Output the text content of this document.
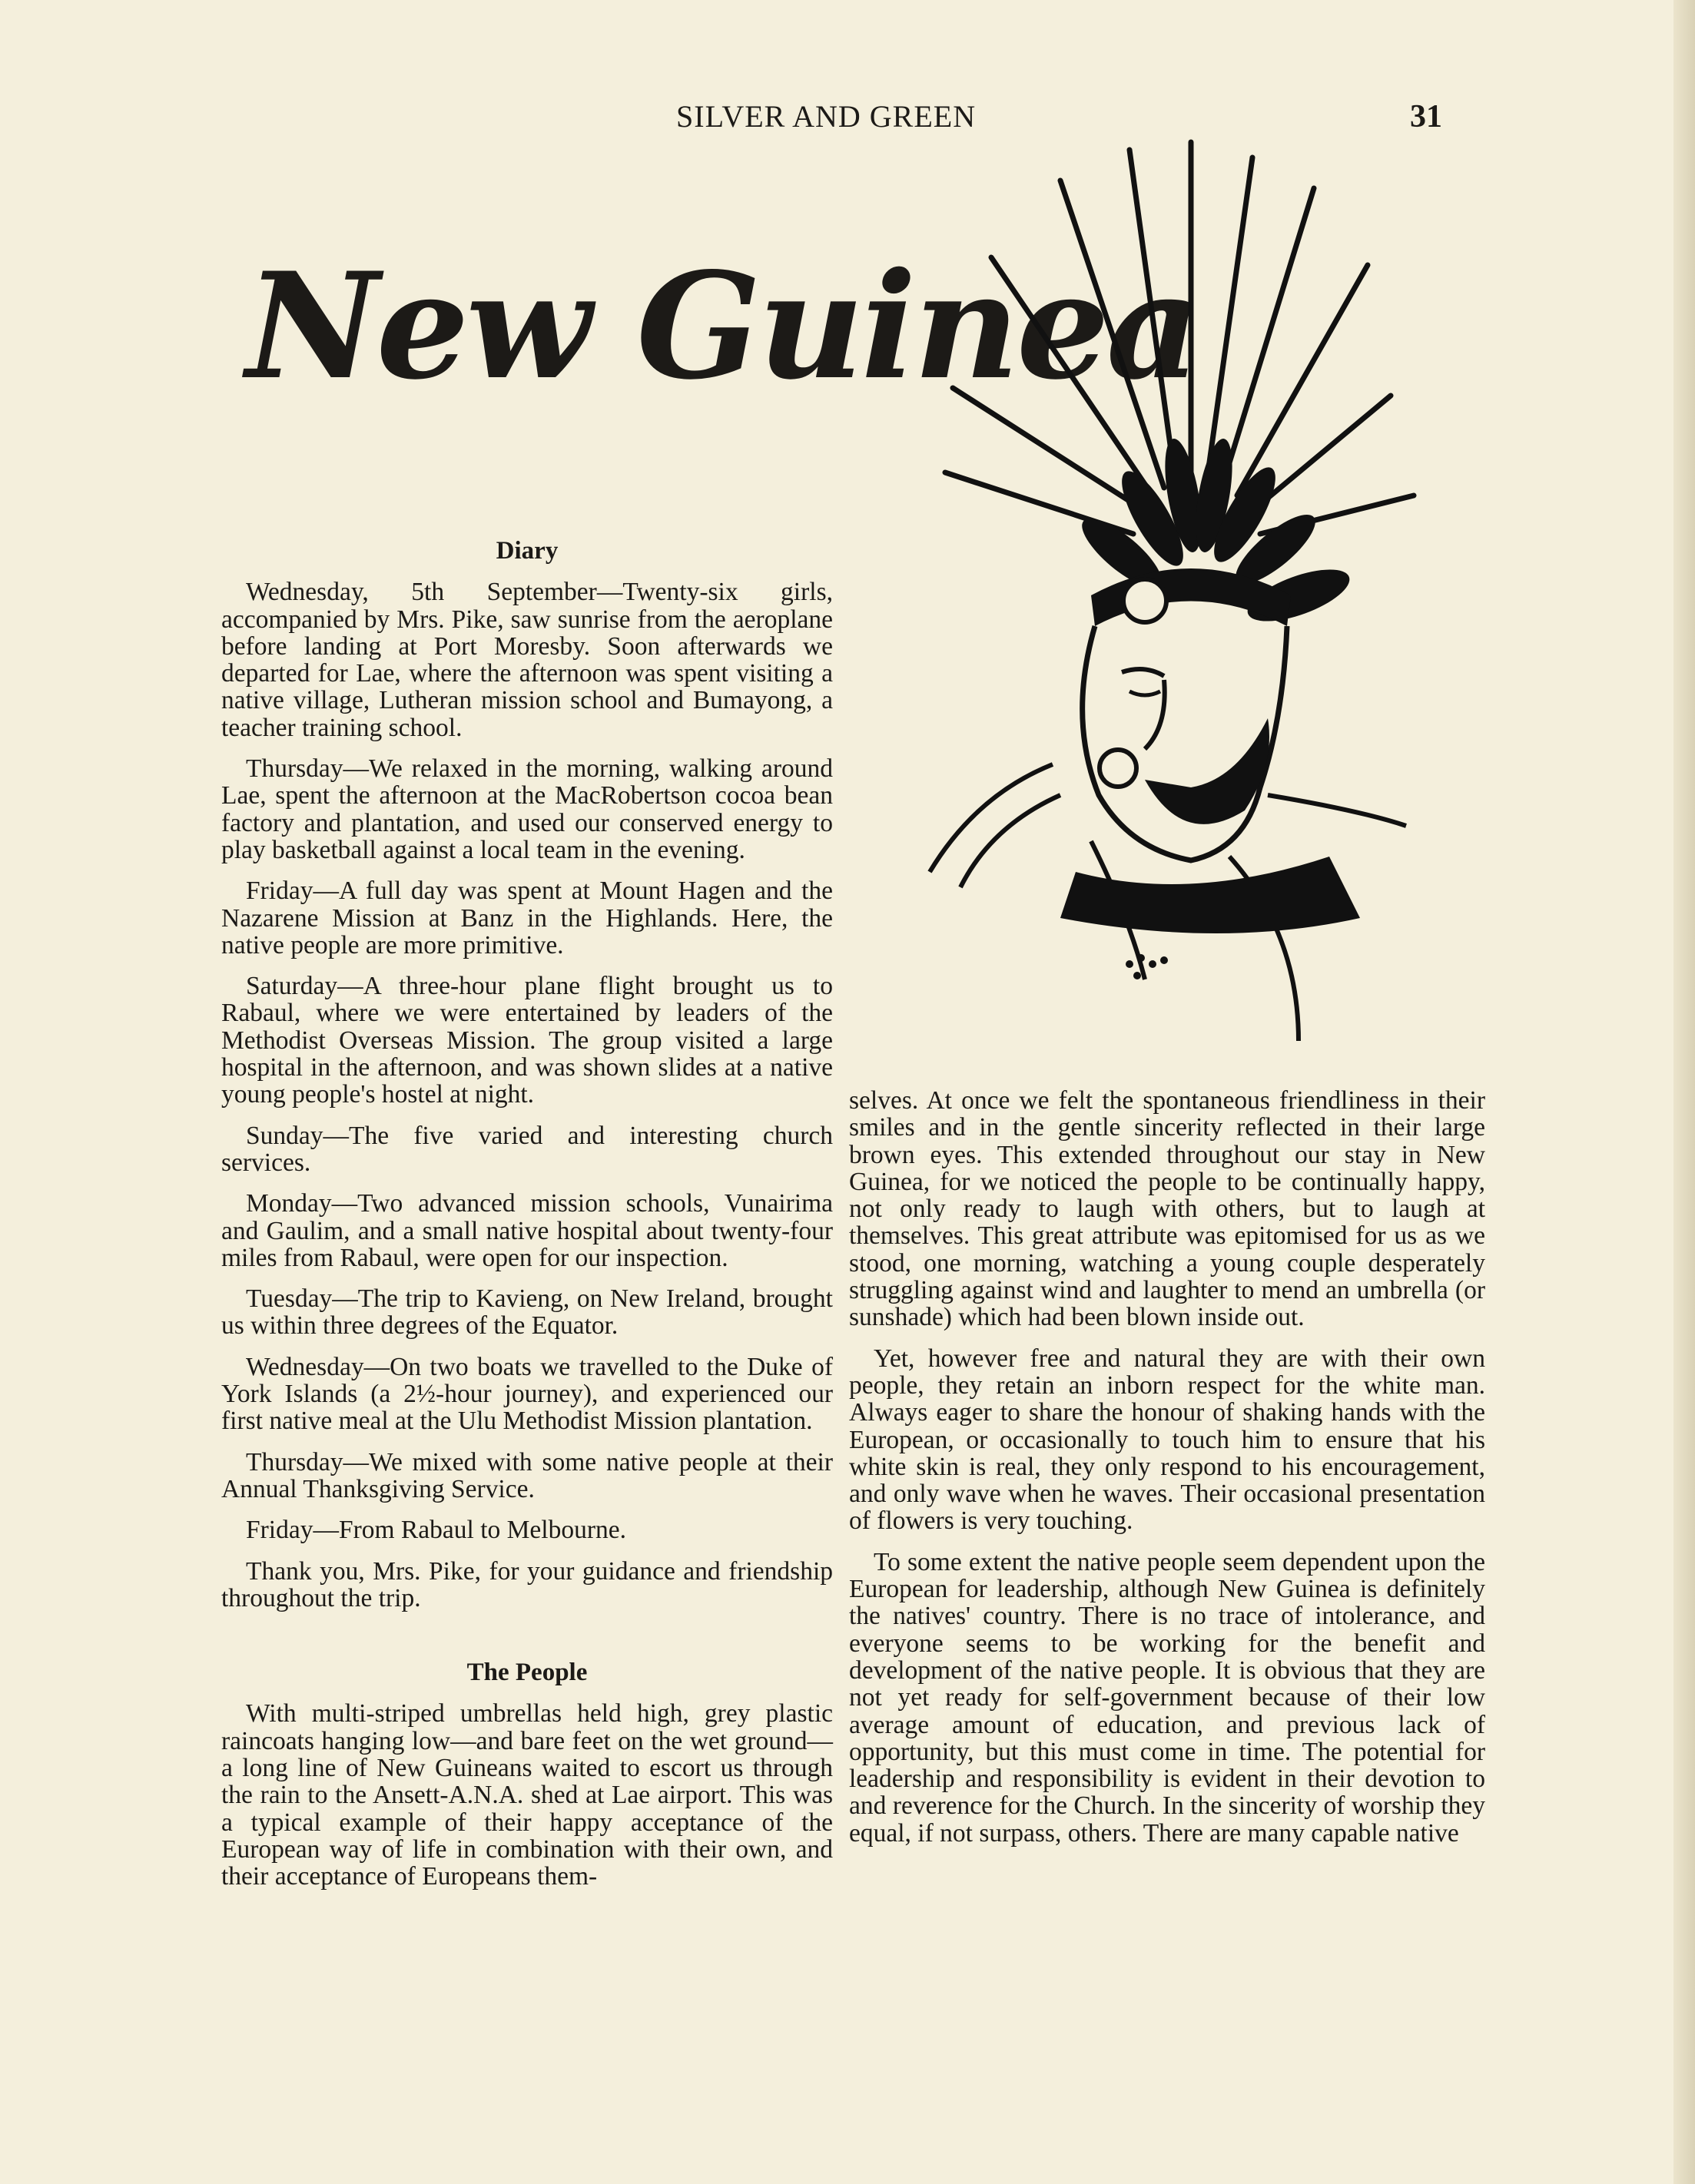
SILVER AND GREEN	31
New Guinea
Diary

Wednesday, 5th September—Twenty-six girls, accompanied by Mrs. Pike, saw sunrise from the aeroplane before landing at Port Moresby. Soon afterwards we departed for Lae, where the afternoon was spent visiting a native village, Lutheran mission school and Bumayong, a teacher training school.

Thursday—We relaxed in the morning, walking around Lae, spent the afternoon at the MacRobertson cocoa bean factory and plantation, and used our conserved energy to play basketball against a local team in the evening.

Friday—A full day was spent at Mount Hagen and the Nazarene Mission at Banz in the Highlands. Here, the native people are more primitive.

Saturday—A three-hour plane flight brought us to Rabaul, where we were entertained by leaders of the Methodist Overseas Mission. The group visited a large hospital in the afternoon, and was shown slides at a native young people's hostel at night.

Sunday—The five varied and interesting church services.

Monday—Two advanced mission schools, Vunairima and Gaulim, and a small native hospital about twenty-four miles from Rabaul, were open for our inspection.

Tuesday—The trip to Kavieng, on New Ireland, brought us within three degrees of the Equator.

Wednesday—On two boats we travelled to the Duke of York Islands (a 2½-hour journey), and experienced our first native meal at the Ulu Methodist Mission plantation.

Thursday—We mixed with some native people at their Annual Thanksgiving Service.

Friday—From Rabaul to Melbourne.

Thank you, Mrs. Pike, for your guidance and friendship throughout the trip.

The People

With multi-striped umbrellas held high, grey plastic raincoats hanging low—and bare feet on the wet ground—a long line of New Guineans waited to escort us through the rain to the Ansett-A.N.A. shed at Lae airport. This was a typical example of their happy acceptance of the European way of life in combination with their own, and their acceptance of Europeans them-

selves. At once we felt the spontaneous friendliness in their smiles and in the gentle sincerity reflected in their large brown eyes. This extended throughout our stay in New Guinea, for we noticed the people to be continually happy, not only ready to laugh with others, but to laugh at themselves. This great attribute was epitomised for us as we stood, one morning, watching a young couple desperately struggling against wind and laughter to mend an umbrella (or sunshade) which had been blown inside out.

Yet, however free and natural they are with their own people, they retain an inborn respect for the white man. Always eager to share the honour of shaking hands with the European, or occasionally to touch him to ensure that his white skin is real, they only respond to his encouragement, and only wave when he waves. Their occasional presentation of flowers is very touching.

To some extent the native people seem dependent upon the European for leadership, although New Guinea is definitely the natives' country. There is no trace of intolerance, and everyone seems to be working for the benefit and development of the native people. It is obvious that they are not yet ready for self-government because of their low average amount of education, and previous lack of opportunity, but this must come in time. The potential for leadership and responsibility is evident in their devotion to and reverence for the Church. In the sincerity of worship they equal, if not surpass, others. There are many capable native
